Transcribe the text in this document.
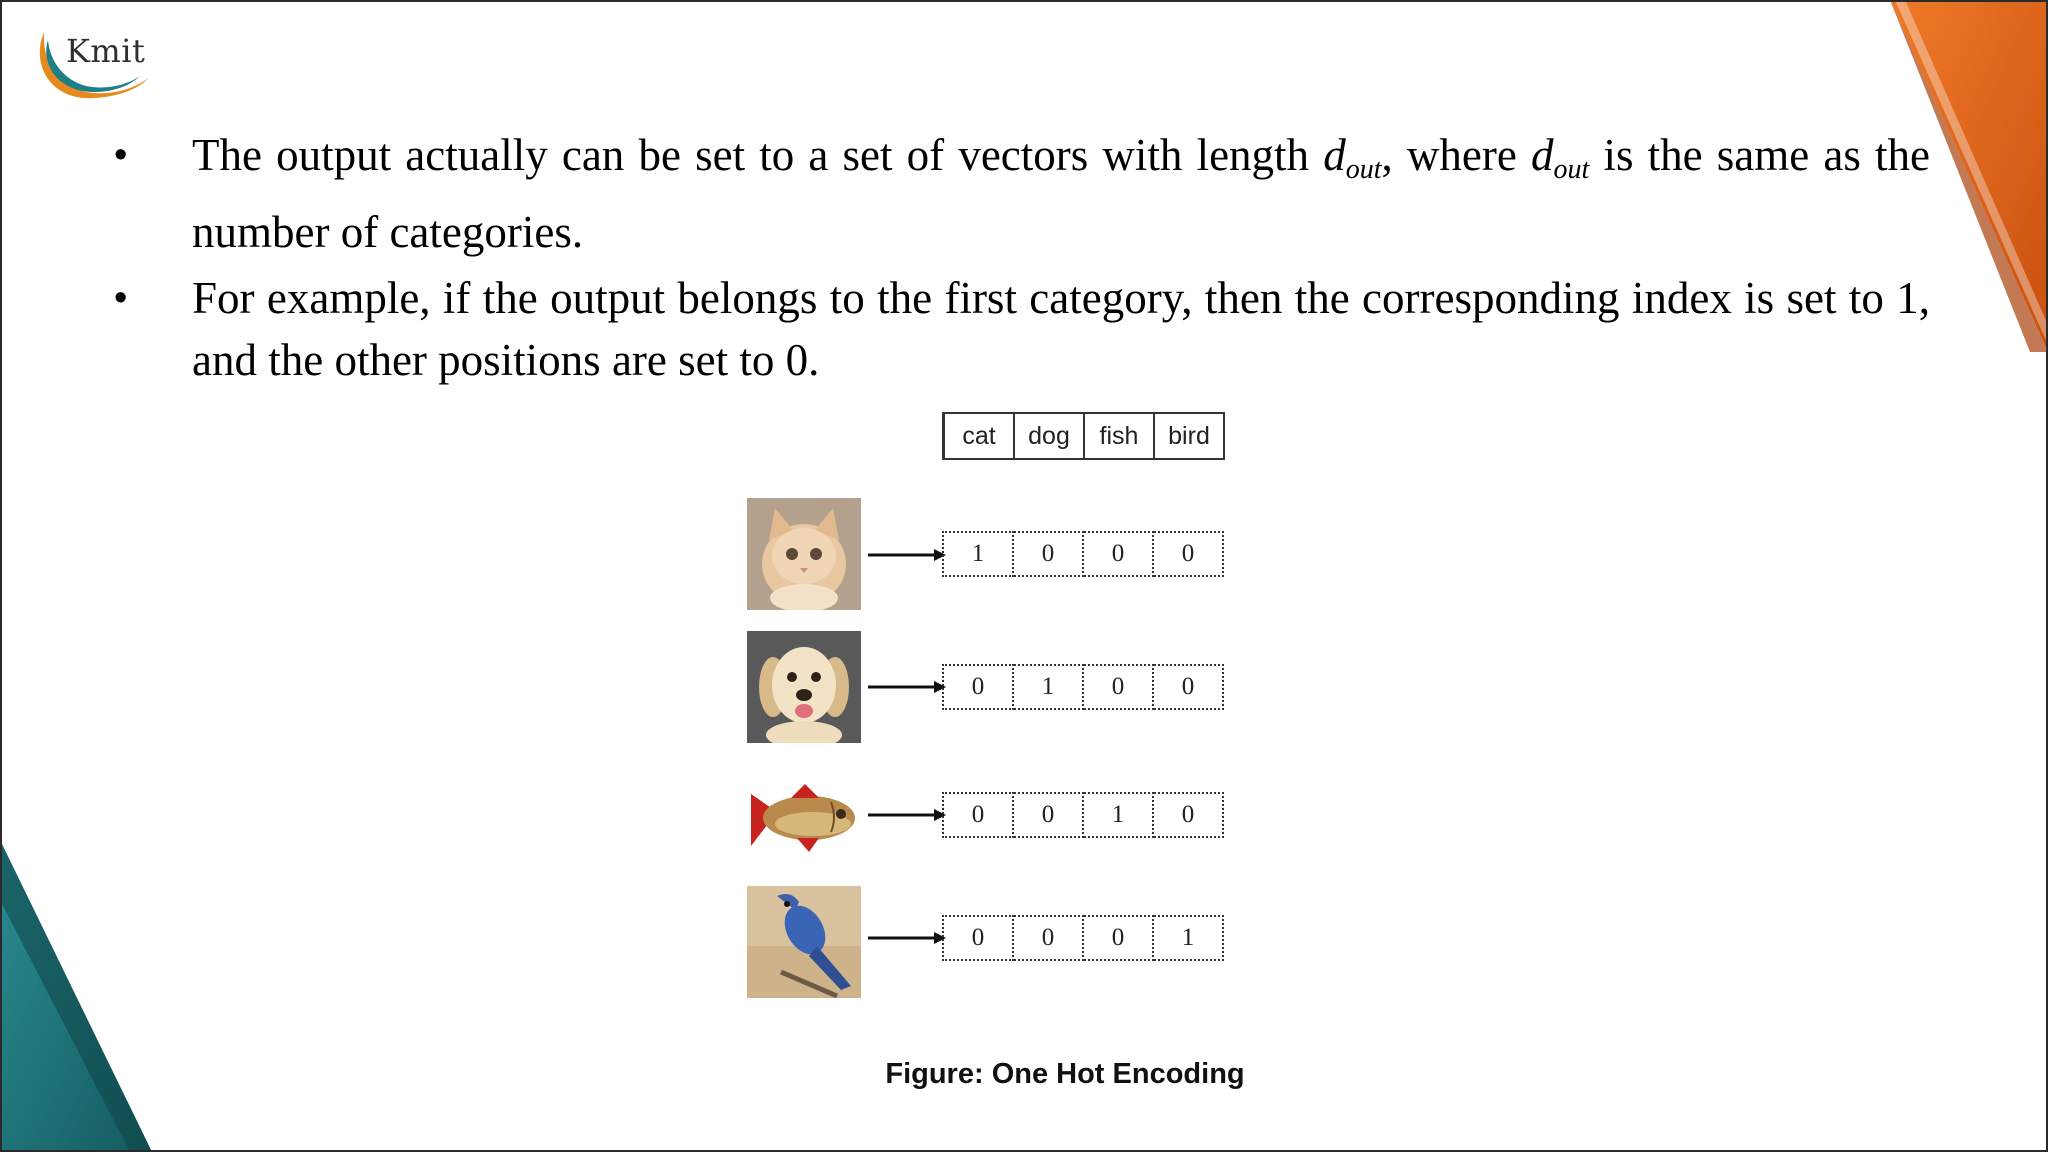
Kmit
• The output actually can be set to a set of vectors with length $d_{out}$, where $d_{out}$ is the same as the number of categories.
• For example, if the output belongs to the first category, then the corresponding index is set to 1, and the other positions are set to 0.
cat	dog	fish	bird
1	0	0	0
0	1	0	0
0	0	1	0
0	0	0	1
Figure: One Hot Encoding
